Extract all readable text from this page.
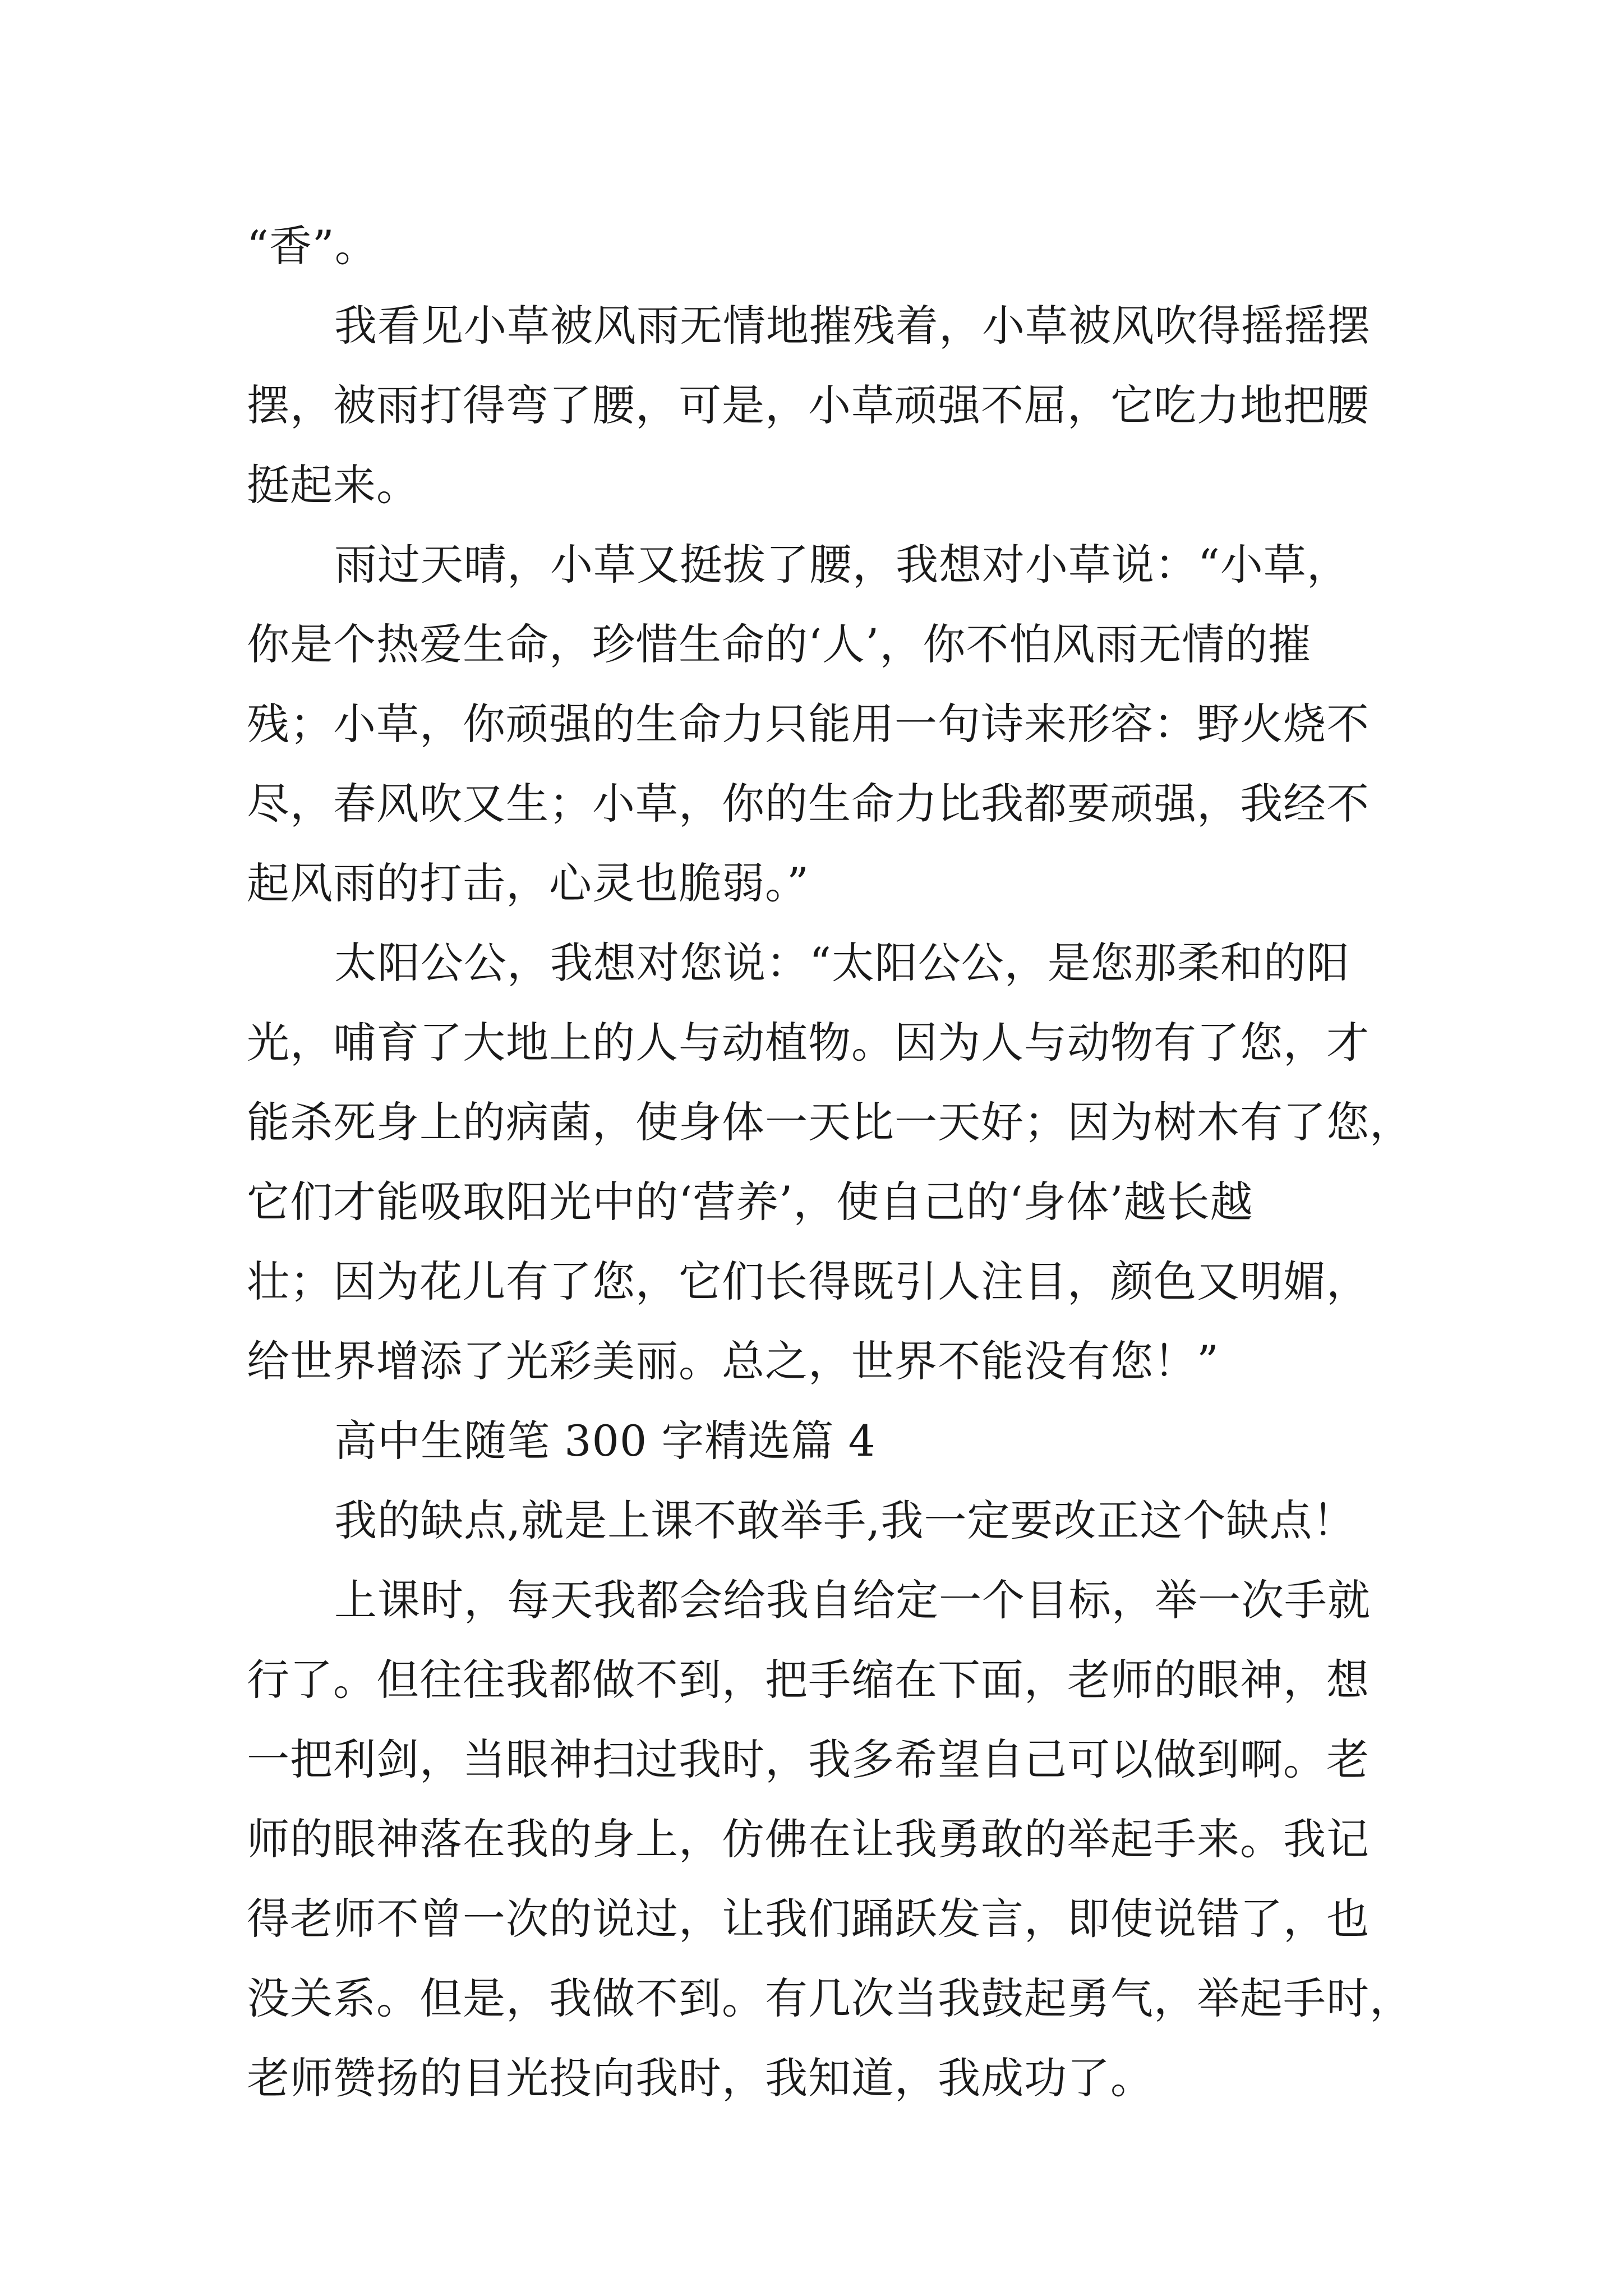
“香”。
我看见小草被风雨无情地摧残着，小草被风吹得摇摇摆
摆，被雨打得弯了腰，可是，小草顽强不屈，它吃力地把腰
挺起来。
雨过天晴，小草又挺拔了腰，我想对小草说：“小草，
你是个热爱生命，珍惜生命的‘人’，你不怕风雨无情的摧
残；小草，你顽强的生命力只能用一句诗来形容：野火烧不
尽，春风吹又生；小草，你的生命力比我都要顽强，我经不
起风雨的打击，心灵也脆弱。”
太阳公公，我想对您说：“太阳公公，是您那柔和的阳
光，哺育了大地上的人与动植物。因为人与动物有了您，才
能杀死身上的病菌，使身体一天比一天好；因为树木有了您，
它们才能吸取阳光中的‘营养’，使自己的‘身体’越长越
壮；因为花儿有了您，它们长得既引人注目，颜色又明媚，
给世界增添了光彩美丽。总之，世界不能没有您！”
高中生随笔 300 字精选篇 4
我的缺点,就是上课不敢举手,我一定要改正这个缺点！
上课时，每天我都会给我自给定一个目标，举一次手就
行了。但往往我都做不到，把手缩在下面，老师的眼神，想
一把利剑，当眼神扫过我时，我多希望自己可以做到啊。老
师的眼神落在我的身上，仿佛在让我勇敢的举起手来。我记
得老师不曾一次的说过，让我们踊跃发言，即使说错了，也
没关系。但是，我做不到。有几次当我鼓起勇气，举起手时，
老师赞扬的目光投向我时，我知道，我成功了。
